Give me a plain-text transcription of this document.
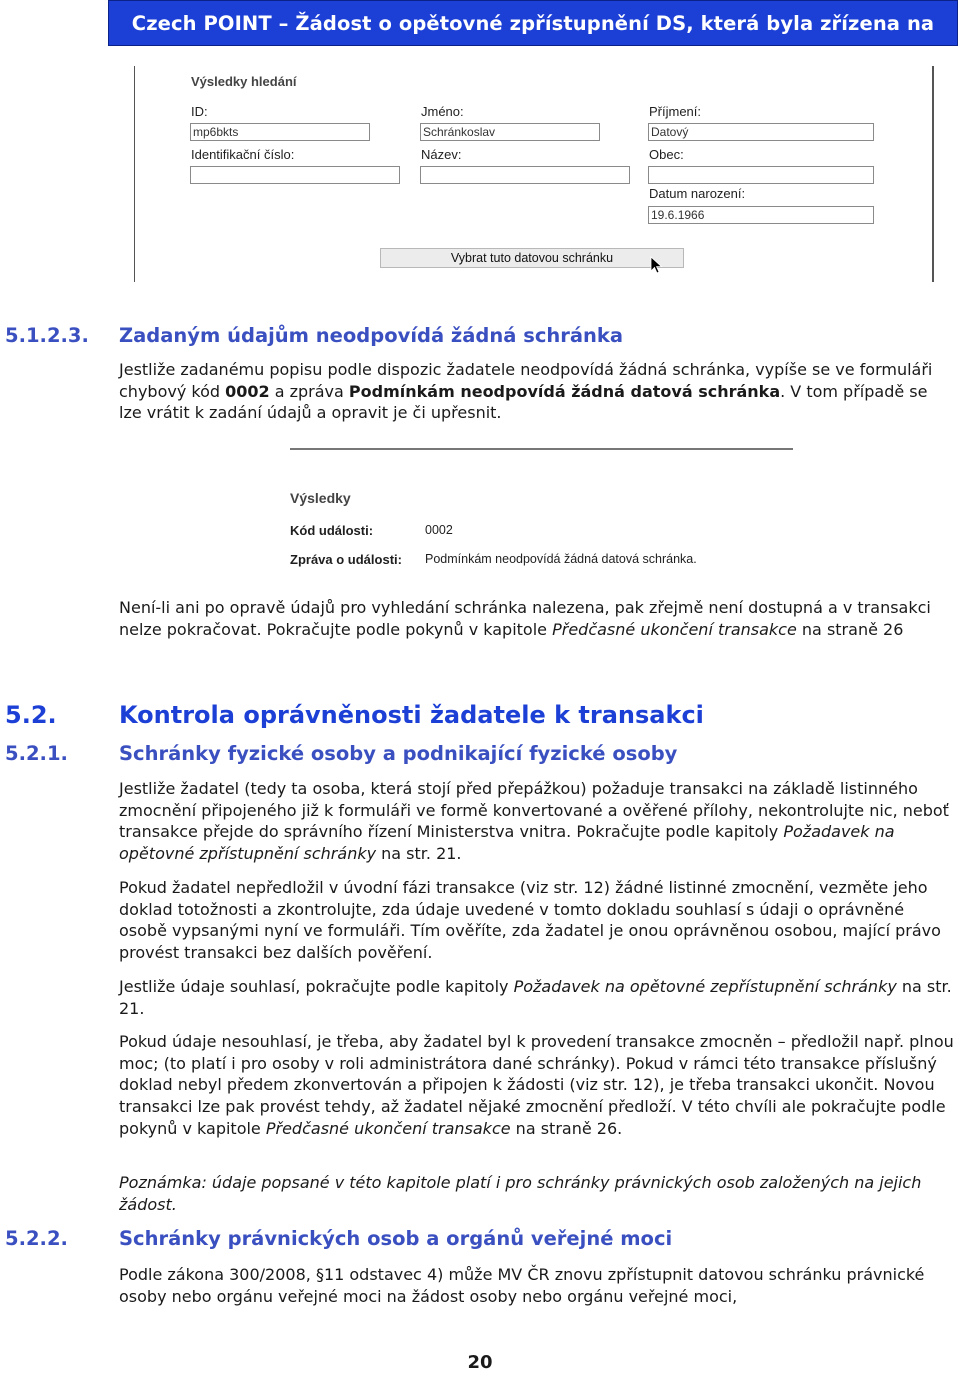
Czech POINT – Žádost o opětovné zpřístupnění DS, která byla zřízena na žádost
Výsledky hledání
ID:
mp6bkts
Jméno:
Schránkoslav
Příjmení:
Datový
Identifikační číslo:	Název:	Obec:
Datum narození:
19.6.1966
Vybrat tuto datovou schránku
5.1.2.3. Zadaným údajům neodpovídá žádná schránka

Jestliže zadanému popisu podle dispozic žadatele neodpovídá žádná schránka, vypíše se ve formuláři chybový kód 0002 a zpráva Podmínkám neodpovídá žádná datová schránka. V tom případě se lze vrátit k zadání údajů a opravit je či upřesnit.

Výsledky
Kód události:	0002
Zpráva o události: Podmínkám neodpovídá žádná datová schránka.

Není-li ani po opravě údajů pro vyhledání schránka nalezena, pak zřejmě není dostupná a v transakci nelze pokračovat. Pokračujte podle pokynů v kapitole Předčasné ukončení transakce na straně 26

5.2.	Kontrola oprávněnosti žadatele k transakci
5.2.1.	Schránky fyzické osoby a podnikající fyzické osoby

Jestliže žadatel (tedy ta osoba, která stojí před přepážkou) požaduje transakci na základě listinného zmocnění připojeného již k formuláři ve formě konvertované a ověřené přílohy, nekontrolujte nic, neboť transakce přejde do správního řízení Ministerstva vnitra. Pokračujte podle kapitoly Požadavek na opětovné zpřístupnění schránky na str. 21.

Pokud žadatel nepředložil v úvodní fázi transakce (viz str. 12) žádné listinné zmocnění, vezměte jeho doklad totožnosti a zkontrolujte, zda údaje uvedené v tomto dokladu souhlasí s údaji o oprávněné osobě vypsanými nyní ve formuláři. Tím ověříte, zda žadatel je onou oprávněnou osobou, mající právo provést transakci bez dalších pověření.

Jestliže údaje souhlasí, pokračujte podle kapitoly Požadavek na opětovné zepřístupnění schránky na str. 21.

Pokud údaje nesouhlasí, je třeba, aby žadatel byl k provedení transakce zmocněn – předložil např. plnou moc; (to platí i pro osoby v roli administrátora dané schránky). Pokud v rámci této transakce příslušný doklad nebyl předem zkonvertován a připojen k žádosti (viz str. 12), je třeba transakci ukončit. Novou transakci lze pak provést tehdy, až žadatel nějaké zmocnění předloží. V této chvíli ale pokračujte podle pokynů v kapitole Předčasné ukončení transakce na straně 26.

Poznámka: údaje popsané v této kapitole platí i pro schránky právnických osob založených na jejich žádost.

5.2.2.	Schránky právnických osob a orgánů veřejné moci

Podle zákona 300/2008, §11 odstavec 4) může MV ČR znovu zpřístupnit datovou schránku právnické osoby nebo orgánu veřejné moci na žádost osoby nebo orgánu veřejné moci,

20
